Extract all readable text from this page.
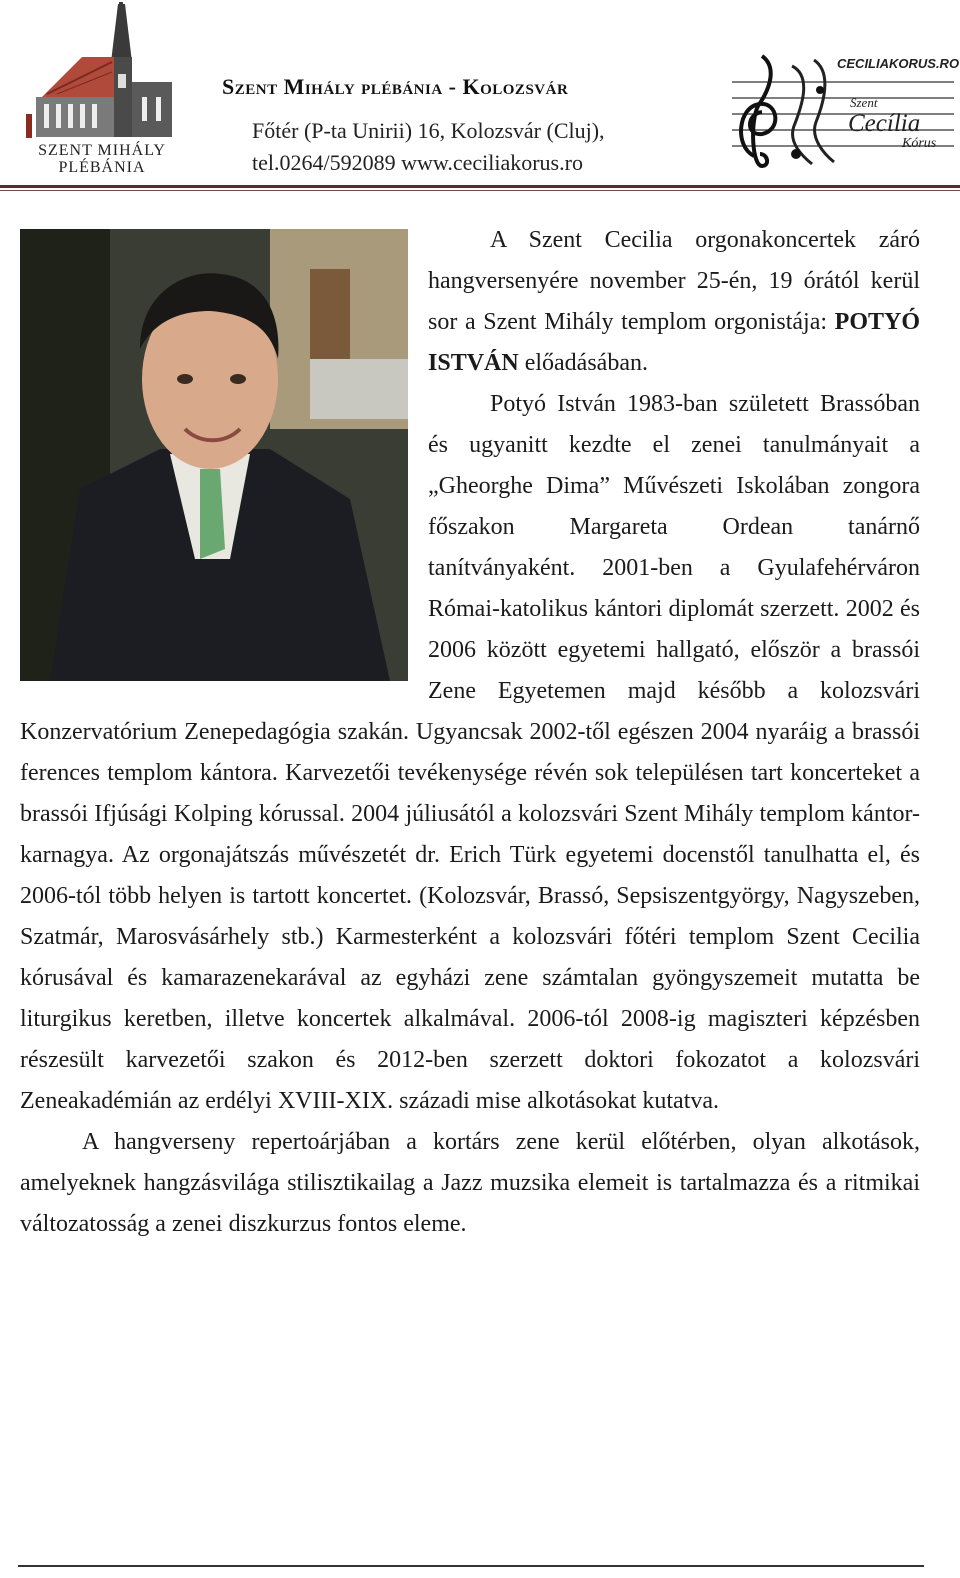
SZENT MIHÁLY
PLÉBÁNIA
Szent Mihály plébánia - Kolozsvár
Főtér (P-ta Unirii) 16, Kolozsvár (Cluj),
tel.0264/592089 www.ceciliakorus.ro
CECILIAKORUS.RO
Szent
Cecília
Kórus

A Szent Cecilia orgonakoncertek záró hangversenyére november 25-én, 19 órától kerül sor a Szent Mihály templom orgonistája: POTYÓ ISTVÁN előadásában.

Potyó István 1983-ban született Brassóban és ugyanitt kezdte el zenei tanulmányait a „Gheorghe Dima” Művészeti Iskolában zongora főszakon Margareta Ordean tanárnő tanítványaként. 2001-ben a Gyulafehérváron Római-katolikus kántori diplomát szerzett. 2002 és 2006 között egyetemi hallgató, először a brassói Zene Egyetemen majd később a kolozsvári Konzervatórium Zenepedagógia szakán. Ugyancsak 2002-től egészen 2004 nyaráig a brassói ferences templom kántora. Karvezetői tevékenysége révén sok településen tart koncerteket a brassói Ifjúsági Kolping kórussal. 2004 júliusától a kolozsvári Szent Mihály templom kántor-karnagya. Az orgonajátszás művészetét dr. Erich Türk egyetemi docenstől tanulhatta el, és 2006-tól több helyen is tartott koncertet. (Kolozsvár, Brassó, Sepsiszentgyörgy, Nagyszeben, Szatmár, Marosvásárhely stb.) Karmesterként a kolozsvári főtéri templom Szent Cecilia kórusával és kamarazenekarával az egyházi zene számtalan gyöngyszemeit mutatta be liturgikus keretben, illetve koncertek alkalmával. 2006-tól 2008-ig magiszteri képzésben részesült karvezetői szakon és 2012-ben szerzett doktori fokozatot a kolozsvári Zeneakadémián az erdélyi XVIII-XIX. századi mise alkotásokat kutatva.

A hangverseny repertoárjában a kortárs zene kerül előtérben, olyan alkotások, amelyeknek hangzásvilága stilisztikailag a Jazz muzsika elemeit is tartalmazza és a ritmikai változatosság a zenei diszkurzus fontos eleme.
